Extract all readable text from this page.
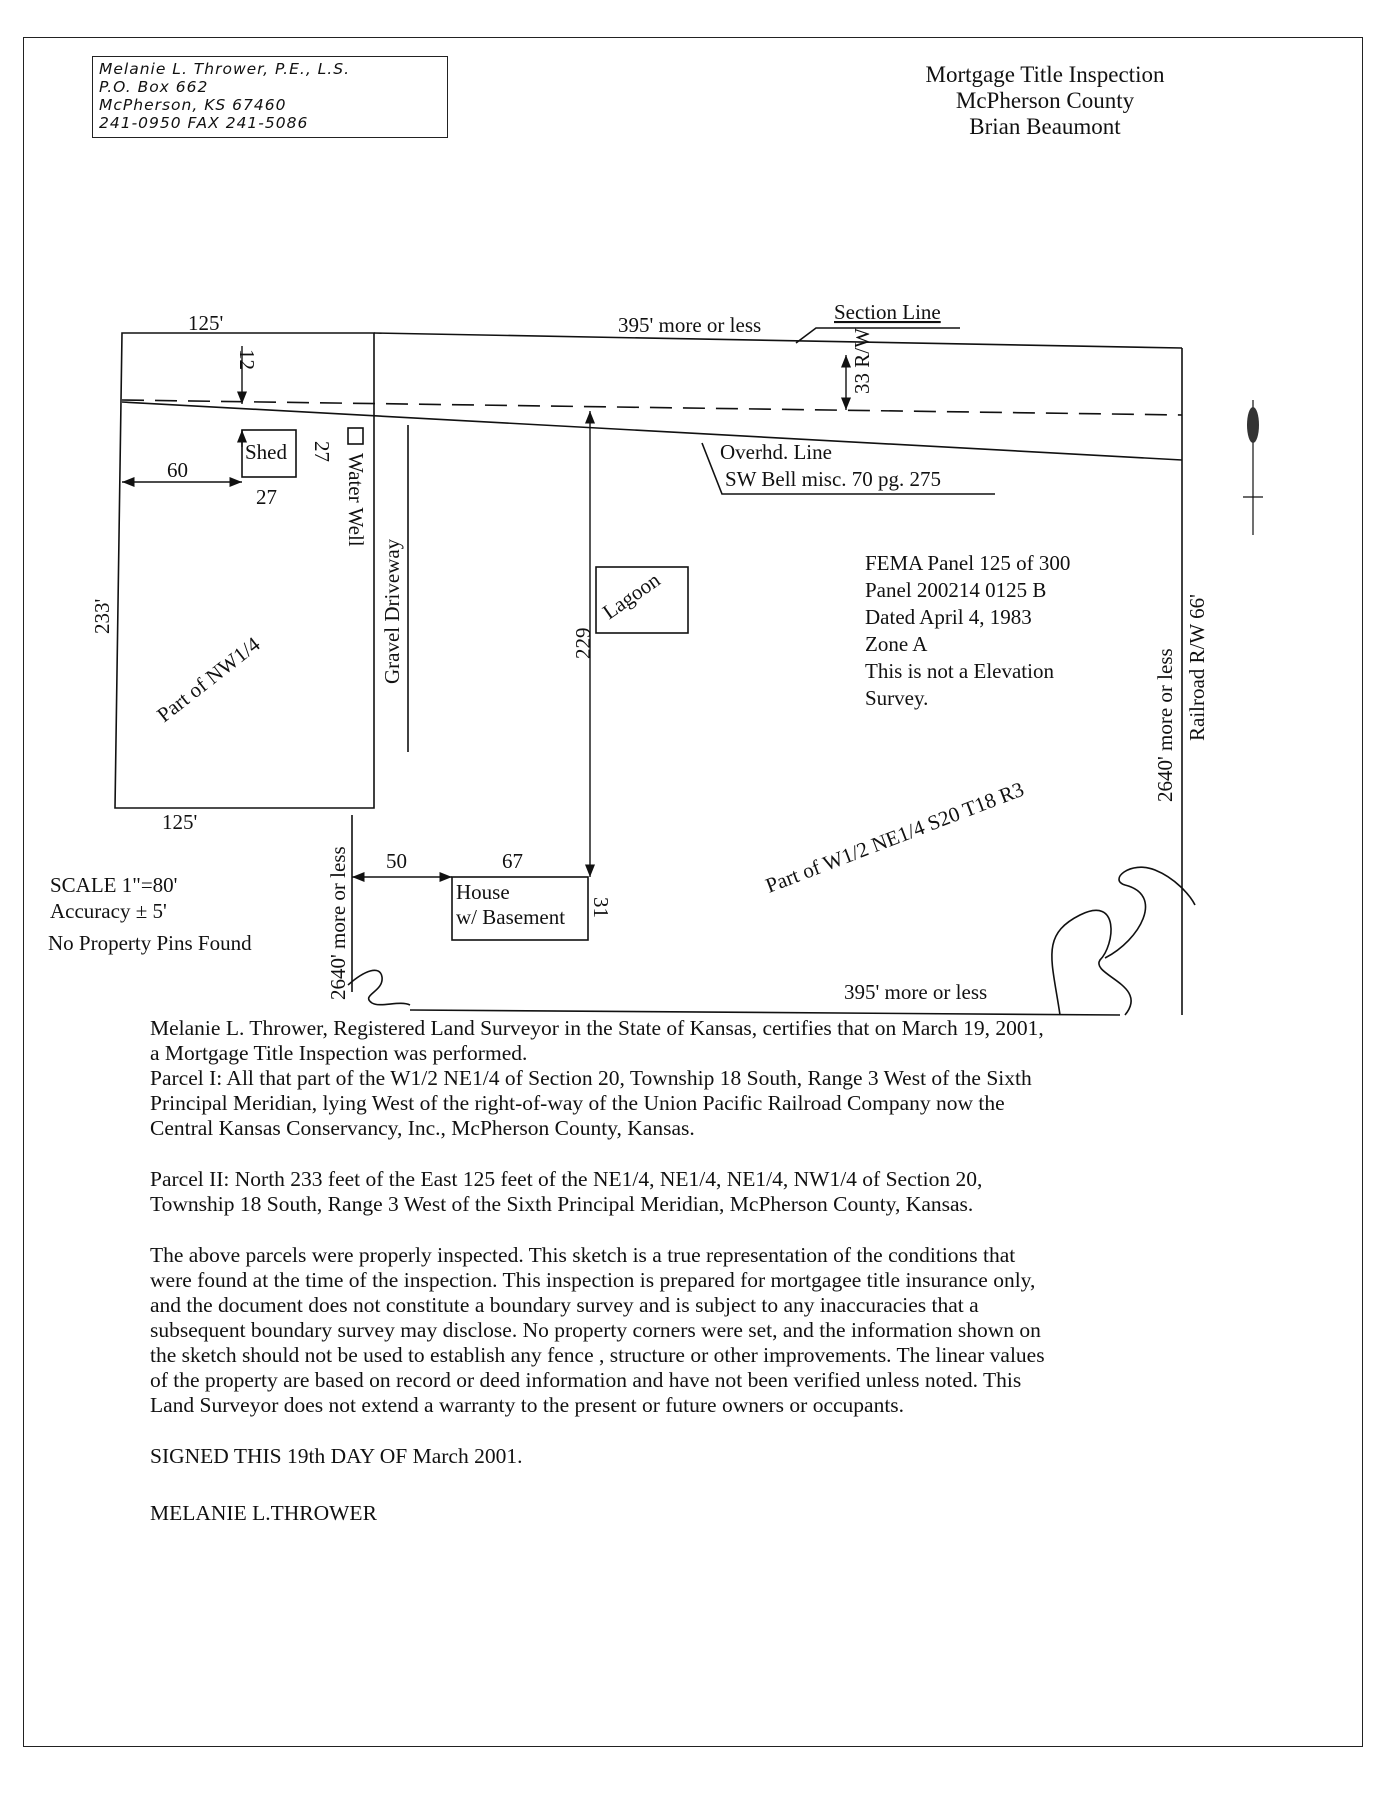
Melanie L. Thrower, P.E., L.S.
P.O. Box 662
McPherson, KS 67460
241-0950 FAX 241-5086
Mortgage Title Inspection
McPherson County
Brian Beaumont
125'	395' more or less
Section Line
Overhd. Line
SW Bell misc. 70 pg. 275
Shed
27
60
FEMA Panel 125 of 300
Panel 200214 0125 B
Dated April 4, 1983
Zone A
This is not a Elevation
Survey.
125'
50	67
House
w/ Basement
395' more or less
SCALE 1"=80'
Accuracy ± 5'
No Property Pins Found
12	33 R/W
27
Water Well
Gravel Driveway
233'
Part of NW1/4
Lagoon
229
2640' more or less Railroad R/W 66'
Part of W1/2 NE1/4 S20 T18 R3
2640' more or less	31

Melanie L. Thrower, Registered Land Surveyor in the State of Kansas, certifies that on March 19, 2001,
a Mortgage Title Inspection was performed.

Parcel I: All that part of the W1/2 NE1/4 of Section 20, Township 18 South, Range 3 West of the Sixth
Principal Meridian, lying West of the right-of-way of the Union Pacific Railroad Company now the
Central Kansas Conservancy, Inc., McPherson County, Kansas.

Parcel II: North 233 feet of the East 125 feet of the NE1/4, NE1/4, NE1/4, NW1/4 of Section 20,
Township 18 South, Range 3 West of the Sixth Principal Meridian, McPherson County, Kansas.

The above parcels were properly inspected. This sketch is a true representation of the conditions that
were found at the time of the inspection. This inspection is prepared for mortgagee title insurance only,
and the document does not constitute a boundary survey and is subject to any inaccuracies that a
subsequent boundary survey may disclose. No property corners were set, and the information shown on
the sketch should not be used to establish any fence , structure or other improvements. The linear values
of the property are based on record or deed information and have not been verified unless noted. This
Land Surveyor does not extend a warranty to the present or future owners or occupants.

SIGNED THIS 19th DAY OF March 2001.

MELANIE L.THROWER
